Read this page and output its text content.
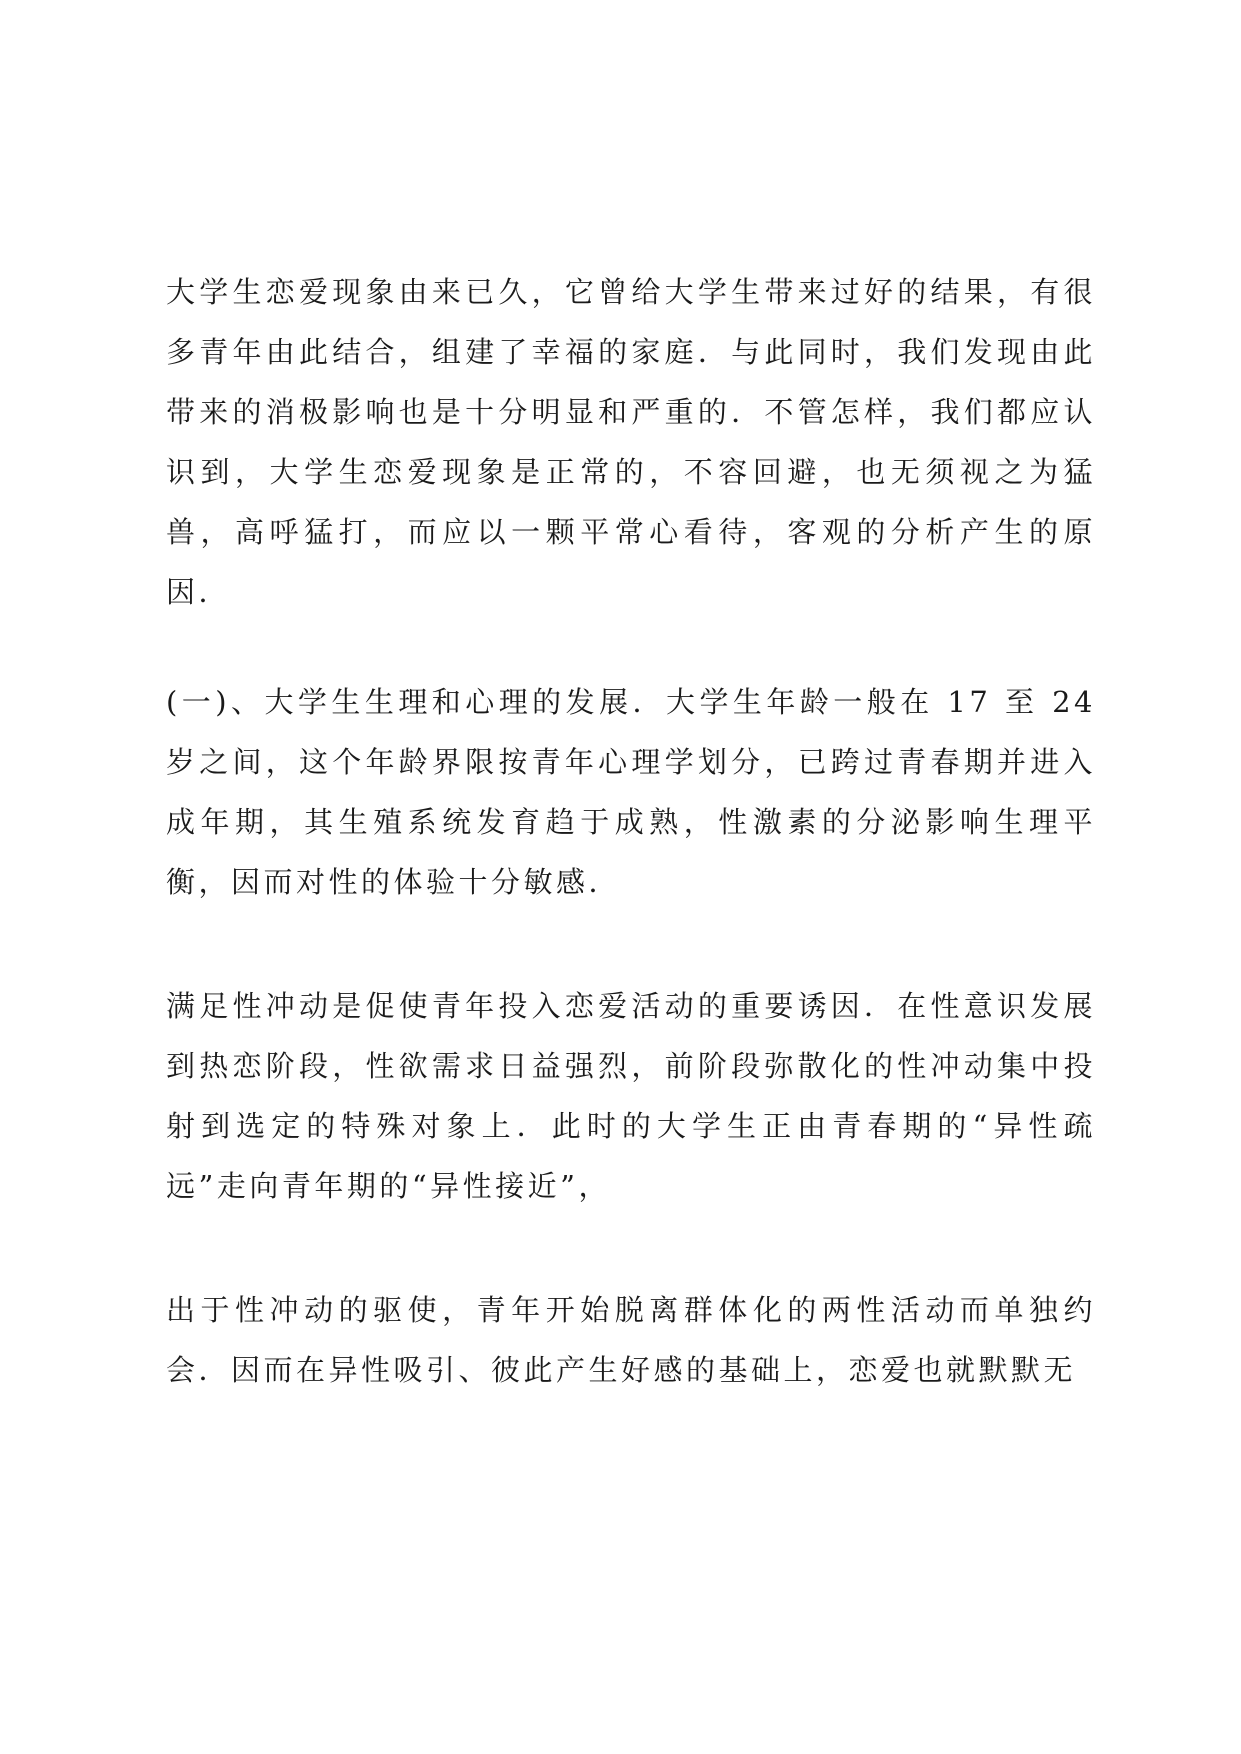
大学生恋爱现象由来已久，它曾给大学生带来过好的结果，有很多青年由此结合，组建了幸福的家庭．与此同时，我们发现由此带来的消极影响也是十分明显和严重的．不管怎样，我们都应认识到，大学生恋爱现象是正常的，不容回避，也无须视之为猛兽，高呼猛打，而应以一颗平常心看待，客观的分析产生的原因．

(一)、大学生生理和心理的发展．大学生年龄一般在 17 至 24 岁之间，这个年龄界限按青年心理学划分，已跨过青春期并进入成年期，其生殖系统发育趋于成熟，性激素的分泌影响生理平衡，因而对性的体验十分敏感．

满足性冲动是促使青年投入恋爱活动的重要诱因．在性意识发展到热恋阶段，性欲需求日益强烈，前阶段弥散化的性冲动集中投射到选定的特殊对象上．此时的大学生正由青春期的“异性疏远”走向青年期的“异性接近”，

出于性冲动的驱使，青年开始脱离群体化的两性活动而单独约会．因而在异性吸引、彼此产生好感的基础上，恋爱也就默默无
